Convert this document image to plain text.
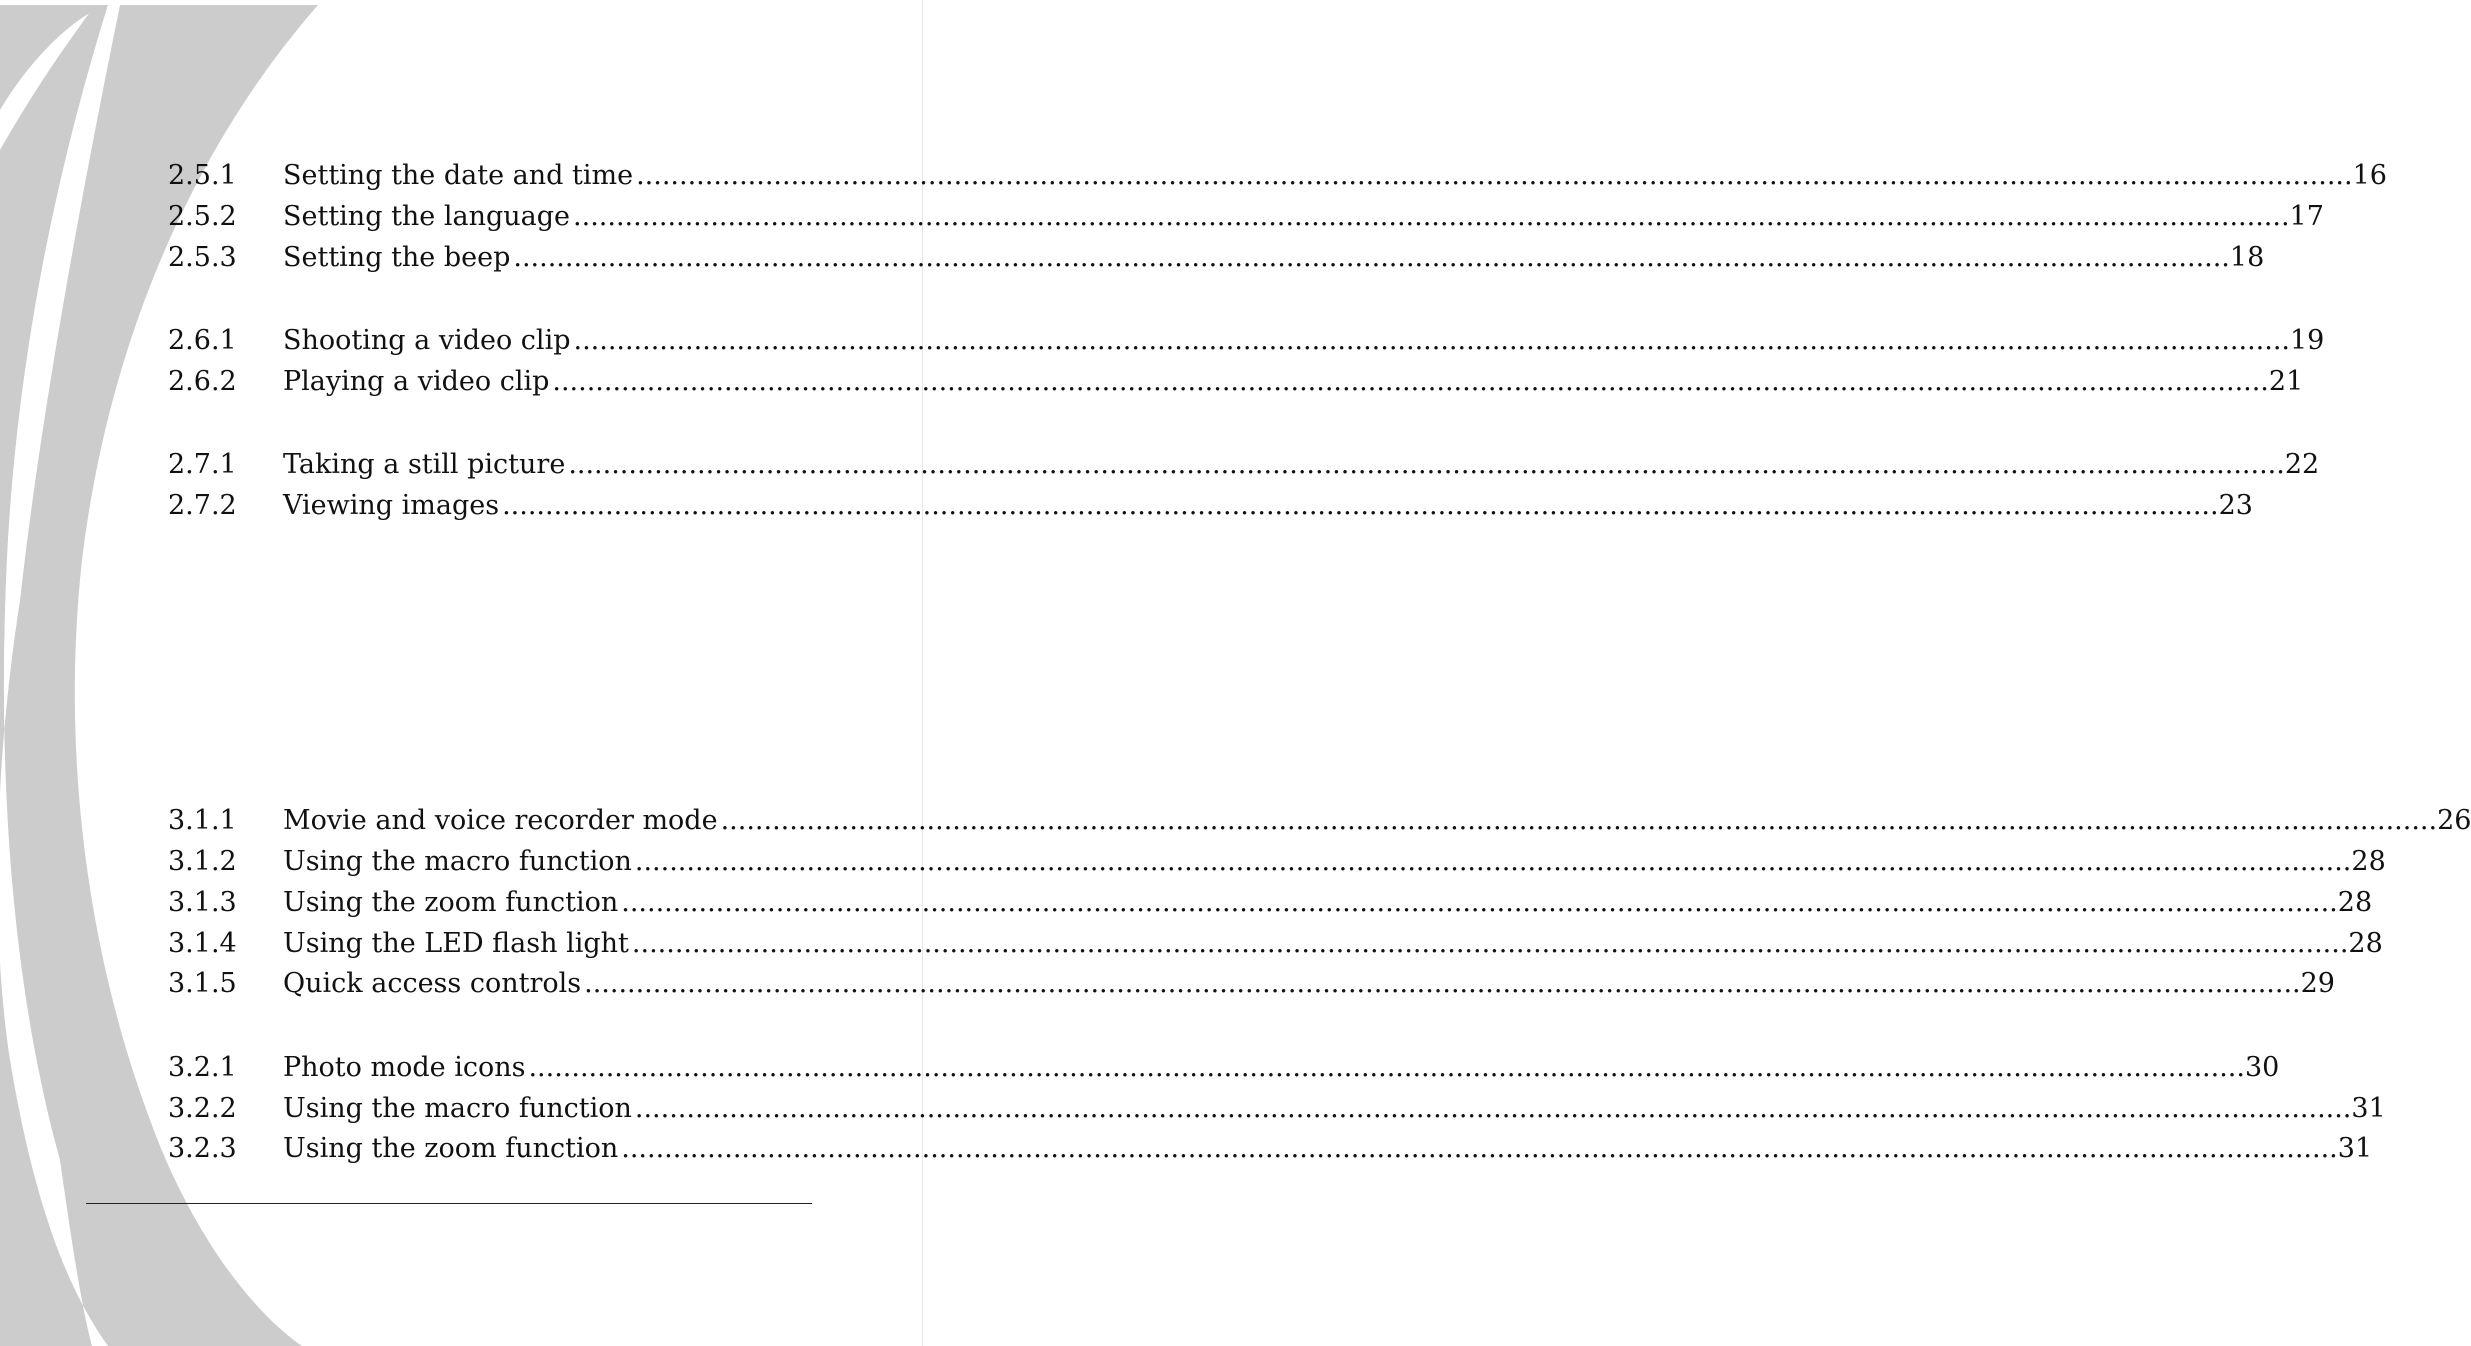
2.5.1	Setting the date and time ........................................................................................................................................................................................................ 16
2.5.2	Setting the language ........................................................................................................................................................................................................ 17
2.5.3	Setting the beep ........................................................................................................................................................................................................ 18
2.6.1	Shooting a video clip ........................................................................................................................................................................................................ 19
2.6.2	Playing a video clip ........................................................................................................................................................................................................ 21
2.7.1	Taking a still picture ........................................................................................................................................................................................................ 22
2.7.2	Viewing images ........................................................................................................................................................................................................ 23
3.1.1	Movie and voice recorder mode ........................................................................................................................................................................................................ 26
3.1.2	Using the macro function ........................................................................................................................................................................................................ 28
3.1.3	Using the zoom function ........................................................................................................................................................................................................ 28
3.1.4	Using the LED flash light ........................................................................................................................................................................................................ 28
3.1.5	Quick access controls ........................................................................................................................................................................................................ 29
3.2.1	Photo mode icons ........................................................................................................................................................................................................ 30
3.2.2	Using the macro function ........................................................................................................................................................................................................ 31
3.2.3	Using the zoom function ........................................................................................................................................................................................................ 31
